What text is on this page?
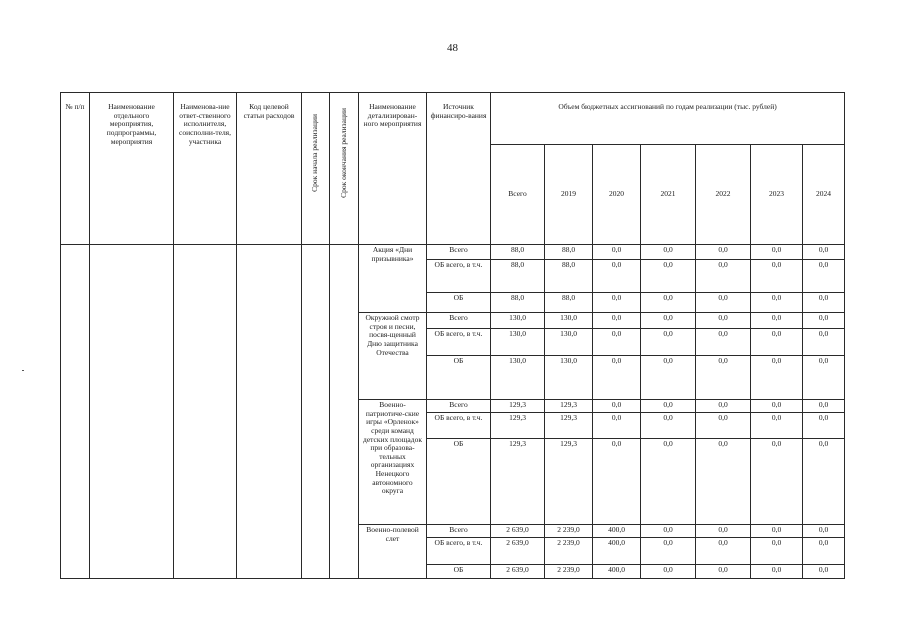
48
№ п/п	Наименование отдельного мероприятия, подпрограммы, мероприятия	Наименова-ние ответ-ственного исполнителя, соисполни-теля, участника	Код целевой статьи расходов	Срок начала реализации	Срок окончания реализации	Наименование детализирован-ного мероприятия	Источник финансиро-вания	Объем бюджетных ассигнований по годам реализации (тыс. рублей)						
								Всего	2019	2020	2021	2022	2023	2024
						Акция «Дни призывника»	Всего	88,0	88,0	0,0	0,0	0,0	0,0	0,0
							ОБ всего, в т.ч.	88,0	88,0	0,0	0,0	0,0	0,0	0,0
							ОБ	88,0	88,0	0,0	0,0	0,0	0,0	0,0
						Окружной смотр строя и песни, посвя-щенный Дню защитника Отечества	Всего	130,0	130,0	0,0	0,0	0,0	0,0	0,0
							ОБ всего, в т.ч.	130,0	130,0	0,0	0,0	0,0	0,0	0,0
							ОБ	130,0	130,0	0,0	0,0	0,0	0,0	0,0
						Военно-патриотиче-ские игры «Орленок» среди команд детских площадок при образова-тельных организациях Ненецкого автономного округа	Всего	129,3	129,3	0,0	0,0	0,0	0,0	0,0
							ОБ всего, в т.ч.	129,3	129,3	0,0	0,0	0,0	0,0	0,0
							ОБ	129,3	129,3	0,0	0,0	0,0	0,0	0,0
						Военно-полевой слет	Всего	2 639,0	2 239,0	400,0	0,0	0,0	0,0	0,0
							ОБ всего, в т.ч.	2 639,0	2 239,0	400,0	0,0	0,0	0,0	0,0
							ОБ	2 639,0	2 239,0	400,0	0,0	0,0	0,0	0,0
